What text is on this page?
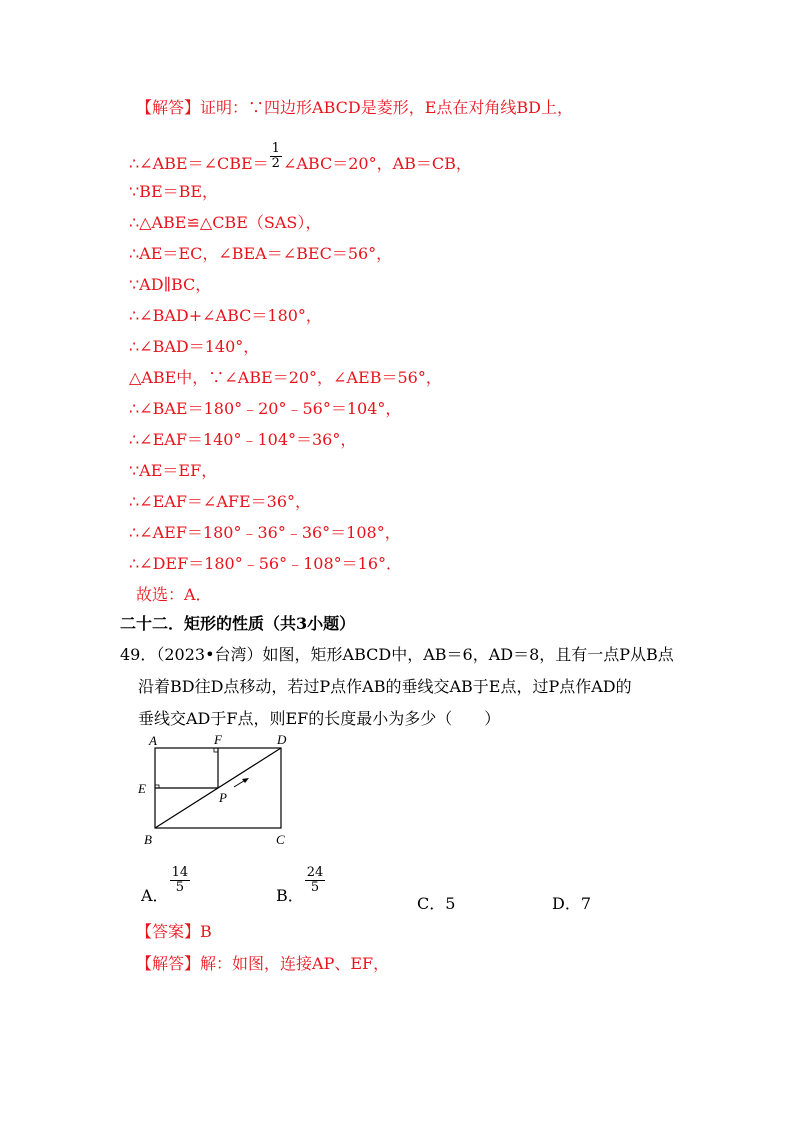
【解答】证明：∵四边形ABCD是菱形，E点在对角线BD上，
∴∠ABE＝∠CBE＝ $\frac{1}{2}$ ∠ABC＝20°，AB＝CB，
∵BE＝BE，
∴△ABE≌△CBE（SAS），
∴AE＝EC，∠BEA＝∠BEC＝56°，
∵AD∥BC，
∴∠BAD+∠ABC＝180°，
∴∠BAD＝140°，
△ABE中，∵∠ABE＝20°，∠AEB＝56°，
∴∠BAE＝180°﹣20°﹣56°＝104°，
∴∠EAF＝140°﹣104°＝36°，
∵AE＝EF，
∴∠EAF＝∠AFE＝36°，
∴∠AEF＝180°﹣36°﹣36°＝108°，
∴∠DEF＝180°﹣56°﹣108°＝16°．
故选：A．
二十二．矩形的性质（共3小题）
49．（2023•台湾）如图，矩形ABCD中，AB＝6，AD＝8，且有一点P从B点
沿着BD往D点移动，若过P点作AB的垂线交AB于E点，过P点作AD的
垂线交AD于F点，则EF的长度最小为多少（　　）
A	F	D
E
P
B	C
A．
$\frac{14}{5}$
B．
$\frac{24}{5}$
C．5	D．7
【答案】B
【解答】解：如图，连接AP、EF，
